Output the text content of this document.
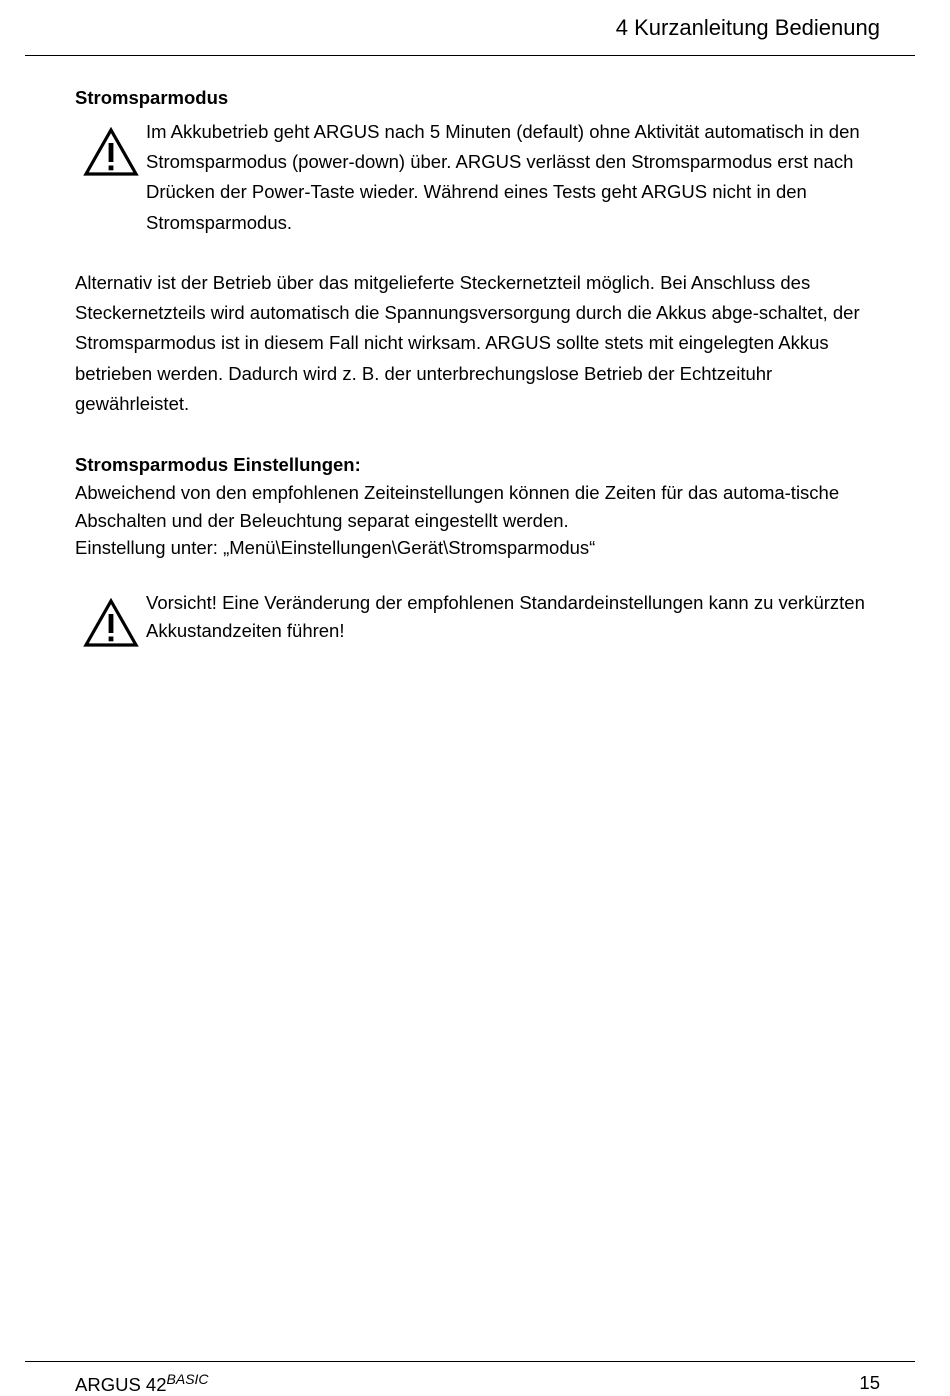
4 Kurzanleitung Bedienung
Stromsparmodus
Im Akkubetrieb geht ARGUS nach 5 Minuten (default) ohne Aktivität automatisch in den Stromsparmodus (power-down) über. ARGUS verlässt den Stromsparmodus erst nach Drücken der Power-Taste wieder. Während eines Tests geht ARGUS nicht in den Stromsparmodus.
Alternativ ist der Betrieb über das mitgelieferte Steckernetzteil möglich. Bei Anschluss des Steckernetzteils wird automatisch die Spannungsversorgung durch die Akkus abge-schaltet, der Stromsparmodus ist in diesem Fall nicht wirksam. ARGUS sollte stets mit eingelegten Akkus betrieben werden. Dadurch wird z. B. der unterbrechungslose Betrieb der Echtzeituhr gewährleistet.
Stromsparmodus Einstellungen:
Abweichend von den empfohlenen Zeiteinstellungen können die Zeiten für das automa-tische Abschalten und der Beleuchtung separat eingestellt werden.
Einstellung unter: „Menü\Einstellungen\Gerät\Stromsparmodus“
Vorsicht! Eine Veränderung der empfohlenen Standardeinstellungen kann zu verkürzten Akkustandzeiten führen!
ARGUS $42^{BASIC}$	15
